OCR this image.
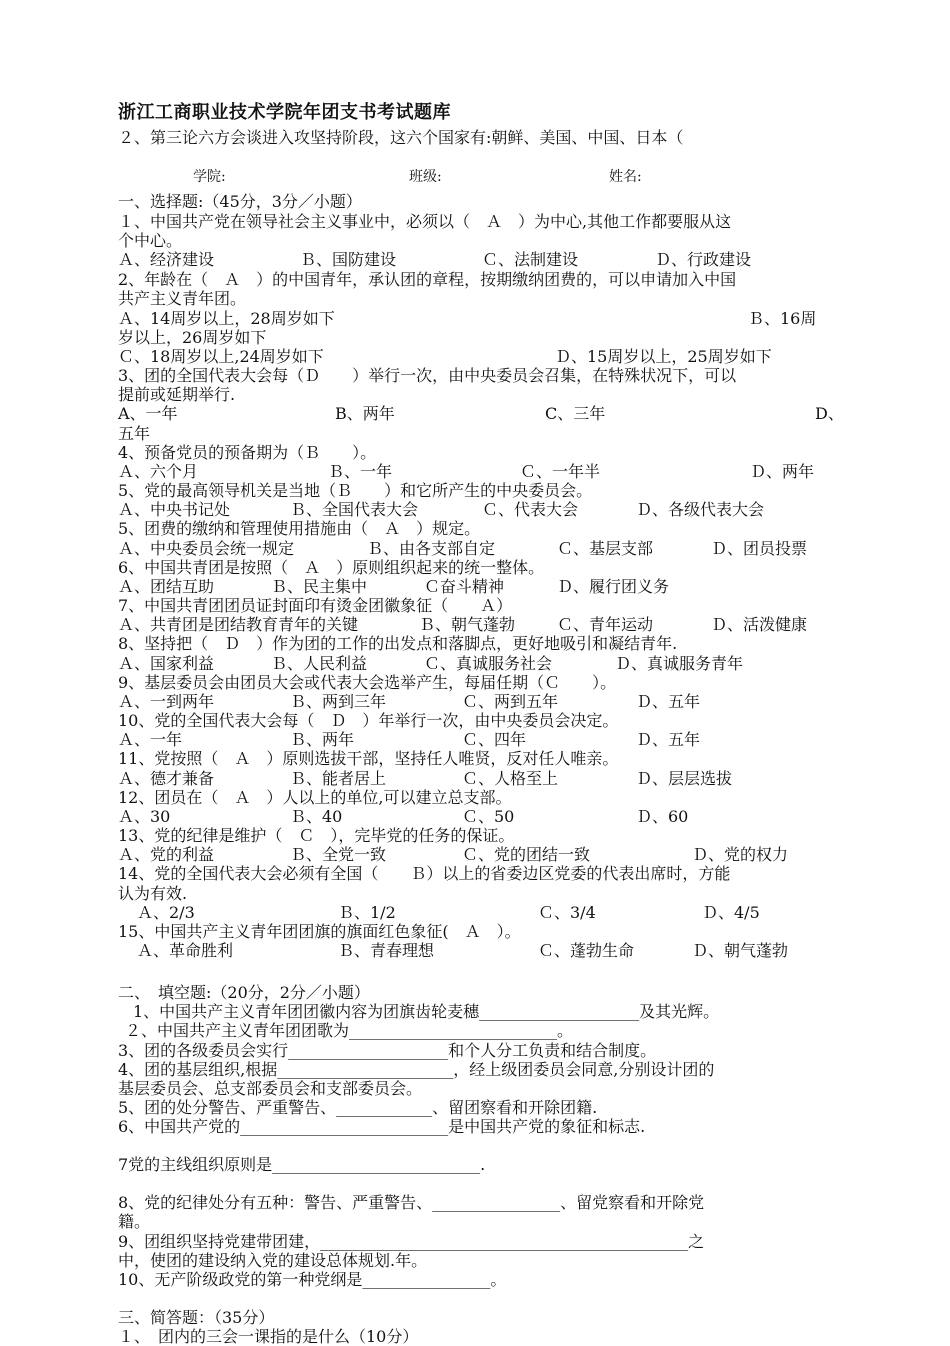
浙江工商职业技术学院年团支书考试题库
２、第三论六方会谈进入攻坚持阶段，这六个国家有:朝鲜、美国、中国、日本（
学院:	班级:	姓名:
一、选择题:（45分，3分／小题）
１、中国共产党在领导社会主义事业中，必须以（　Ａ　）为中心,其他工作都要服从这
个中心。
Ａ、经济建设	Ｂ、国防建设	Ｃ、法制建设	Ｄ、行政建设
2、年龄在（　Ａ　）的中国青年，承认团的章程，按期缴纳团费的，可以申请加入中国
共产主义青年团。
Ａ、14周岁以上，28周岁如下	Ｂ、16周
岁以上，26周岁如下
Ｃ、18周岁以上,24周岁如下	Ｄ、15周岁以上，25周岁如下
3、团的全国代表大会每（Ｄ　　）举行一次，由中央委员会召集，在特殊状况下，可以
提前或延期举行.
A、一年	B、两年	C、三年	D、
五年
4、预备党员的预备期为（Ｂ　　）。
Ａ、六个月	Ｂ、一年	Ｃ、一年半	Ｄ、两年
5、党的最高领导机关是当地（Ｂ　　）和它所产生的中央委员会。
Ａ、中央书记处	Ｂ、全国代表大会	Ｃ、代表大会	Ｄ、各级代表大会
5、团费的缴纳和管理使用措施由（　Ａ　）规定。
Ａ、中央委员会统一规定	Ｂ、由各支部自定	Ｃ、基层支部	Ｄ、团员投票
6、中国共青团是按照（　Ａ　）原则组织起来的统一整体。
Ａ、团结互助	Ｂ、民主集中	Ｃ奋斗精神	Ｄ、履行团义务
7、中国共青团团员证封面印有烫金团徽象征（　　Ａ）
Ａ、共青团是团结教育青年的关键	Ｂ、朝气蓬勃	Ｃ、青年运动	Ｄ、活泼健康
8、坚持把（　Ｄ　）作为团的工作的出发点和落脚点，更好地吸引和凝结青年.
Ａ、国家利益	Ｂ、人民利益	Ｃ、真诚服务社会	Ｄ、真诚服务青年
9、基层委员会由团员大会或代表大会选举产生，每届任期（Ｃ　　）。
Ａ、一到两年	Ｂ、两到三年	Ｃ、两到五年	Ｄ、五年
10、党的全国代表大会每（　Ｄ　）年举行一次，由中央委员会决定。
Ａ、一年	Ｂ、两年	Ｃ、四年	Ｄ、五年
11、党按照（　Ａ　）原则选拔干部，坚持任人唯贤，反对任人唯亲。
Ａ、德才兼备	Ｂ、能者居上	Ｃ、人格至上	Ｄ、层层选拔
12、团员在（　Ａ　）人以上的单位,可以建立总支部。
Ａ、30	Ｂ、40	Ｃ、50	Ｄ、60
13、党的纪律是维护（　Ｃ　），完毕党的任务的保证。
Ａ、党的利益	Ｂ、全党一致	Ｃ、党的团结一致	Ｄ、党的权力
14、党的全国代表大会必须有全国（　　Ｂ）以上的省委边区党委的代表出席时，方能
认为有效.
Ａ、2/3	Ｂ、1/2	Ｃ、3/4	Ｄ、4/5
15、中国共产主义青年团团旗的旗面红色象征(　Ａ　）。
Ａ、革命胜利	Ｂ、青春理想	Ｃ、蓬勃生命	Ｄ、朝气蓬勃
二、　填空题:（20分，2分／小题）
1、中国共产主义青年团团徽内容为团旗齿轮麦穗____________________及其光辉。
２、中国共产主义青年团团歌为__________________________。
3、团的各级委员会实行____________________和个人分工负责和结合制度。
4、团的基层组织,根据______________________，经上级团委员会同意,分别设计团的
基层委员会、总支部委员会和支部委员会。
5、团的处分警告、严重警告、____________、留团察看和开除团籍.
6、中国共产党的__________________________是中国共产党的象征和标志.
7党的主线组织原则是__________________________.
8、党的纪律处分有五种：警告、严重警告、________________、留党察看和开除党
籍。
9、团组织坚持党建带团建，______________________________________________之
中，使团的建设纳入党的建设总体规划.年。
10、无产阶级政党的第一种党纲是________________。
三、简答题：（35分）
１、　团内的三会一课指的是什么（10分）
